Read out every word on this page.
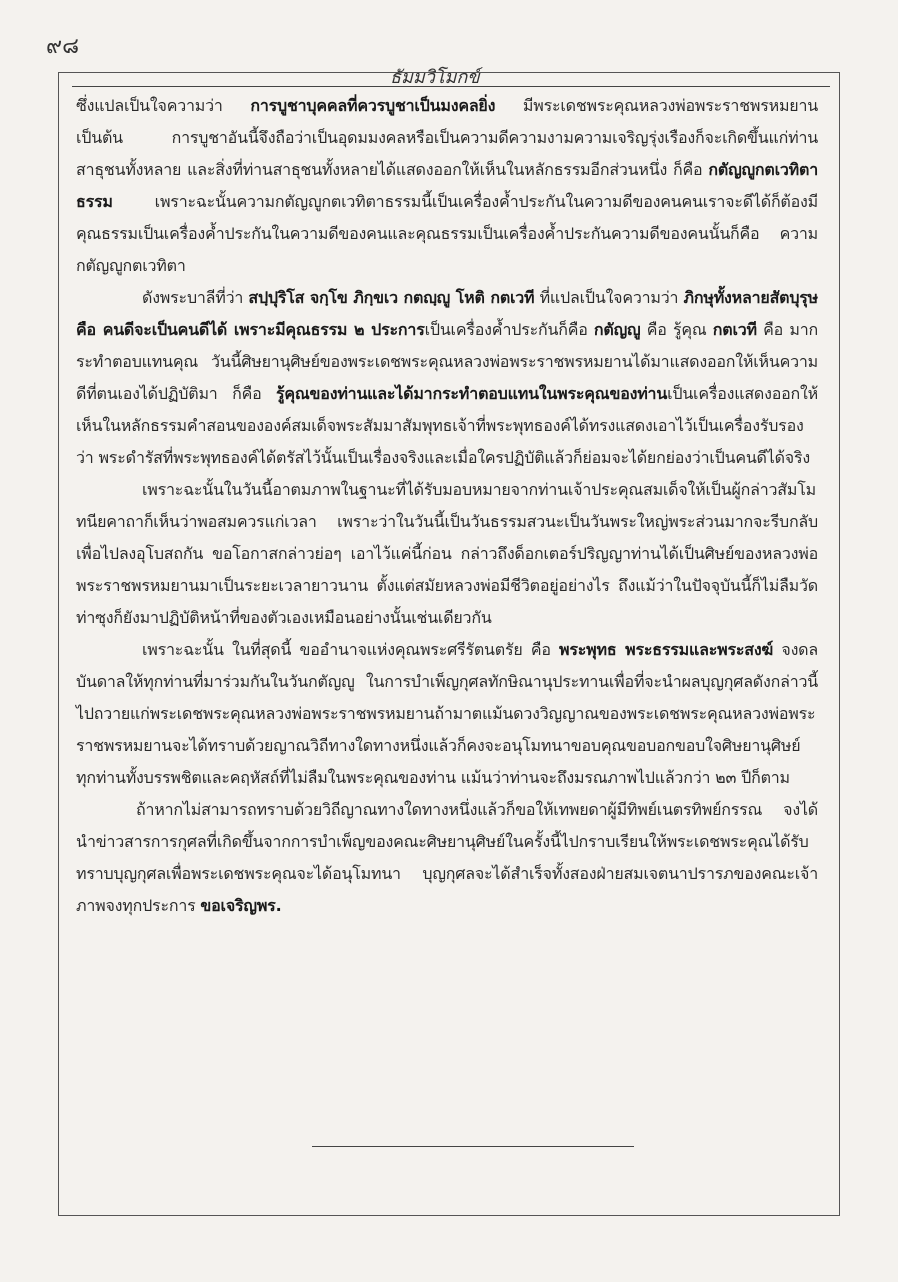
๙๘
ธัมมวิโมกข์

ซึ่งแปลเป็นใจความว่า การบูชาบุคคลที่ควรบูชาเป็นมงคลยิ่ง มีพระเดชพระคุณหลวงพ่อพระราชพรหมยานเป็นต้น การบูชาอันนี้จึงถือว่าเป็นอุดมมงคลหรือเป็นความดีความงามความเจริญรุ่งเรืองก็จะเกิดขึ้นแก่ท่านสาธุชนทั้งหลาย และสิ่งที่ท่านสาธุชนทั้งหลายได้แสดงออกให้เห็นในหลักธรรมอีกส่วนหนึ่ง ก็คือ กตัญญูกตเวทิตาธรรม เพราะฉะนั้นความกตัญญูกตเวทิตาธรรมนี้เป็นเครื่องค้ำประกันในความดีของคนคนเราจะดีได้ก็ต้องมีคุณธรรมเป็นเครื่องค้ำประกันในความดีของคนและคุณธรรมเป็นเครื่องค้ำประกันความดีของคนนั้นก็คือ ความกตัญญูกตเวทิตา

ดังพระบาลีที่ว่า สปฺปุริโส จกฺโข ภิกฺขเว กตญฺญู โหติ กตเวที ที่แปลเป็นใจความว่า ภิกษุทั้งหลายสัตบุรุษ คือ คนดีจะเป็นคนดีได้ เพราะมีคุณธรรม ๒ ประการเป็นเครื่องค้ำประกันก็คือ กตัญญู คือ รู้คุณ กตเวที คือ มากระทำตอบแทนคุณ วันนี้ศิษยานุศิษย์ของพระเดชพระคุณหลวงพ่อพระราชพรหมยานได้มาแสดงออกให้เห็นความดีที่ตนเองได้ปฏิบัติมา ก็คือ รู้คุณของท่านและได้มากระทำตอบแทนในพระคุณของท่านเป็นเครื่องแสดงออกให้เห็นในหลักธรรมคำสอนขององค์สมเด็จพระสัมมาสัมพุทธเจ้าที่พระพุทธองค์ได้ทรงแสดงเอาไว้เป็นเครื่องรับรองว่า พระดำรัสที่พระพุทธองค์ได้ตรัสไว้นั้นเป็นเรื่องจริงและเมื่อใครปฏิบัติแล้วก็ย่อมจะได้ยกย่องว่าเป็นคนดีได้จริง

เพราะฉะนั้นในวันนี้อาตมภาพในฐานะที่ได้รับมอบหมายจากท่านเจ้าประคุณสมเด็จให้เป็นผู้กล่าวสัมโมทนียคาถาก็เห็นว่าพอสมควรแก่เวลา เพราะว่าในวันนี้เป็นวันธรรมสวนะเป็นวันพระใหญ่พระส่วนมากจะรีบกลับ เพื่อไปลงอุโบสถกัน ขอโอกาสกล่าวย่อๆ เอาไว้แค่นี้ก่อน กล่าวถึงด็อกเตอร์ปริญญาท่านได้เป็นศิษย์ของหลวงพ่อพระราชพรหมยานมาเป็นระยะเวลายาวนาน ตั้งแต่สมัยหลวงพ่อมีชีวิตอยู่อย่างไร ถึงแม้ว่าในปัจจุบันนี้ก็ไม่ลืมวัดท่าซุงก็ยังมาปฏิบัติหน้าที่ของตัวเองเหมือนอย่างนั้นเช่นเดียวกัน

เพราะฉะนั้น ในที่สุดนี้ ขออำนาจแห่งคุณพระศรีรัตนตรัย คือ พระพุทธ พระธรรมและพระสงฆ์ จงดลบันดาลให้ทุกท่านที่มาร่วมกันในวันกตัญญู ในการบำเพ็ญกุศลทักษิณานุประทานเพื่อที่จะนำผลบุญกุศลดังกล่าวนี้ไปถวายแก่พระเดชพระคุณหลวงพ่อพระราชพรหมยานถ้ามาตแม้นดวงวิญญาณของพระเดชพระคุณหลวงพ่อพระราชพรหมยานจะได้ทราบด้วยญาณวิถีทางใดทางหนึ่งแล้วก็คงจะอนุโมทนาขอบคุณขอบอกขอบใจศิษยานุศิษย์ทุกท่านทั้งบรรพชิตและคฤหัสถ์ที่ไม่ลืมในพระคุณของท่าน แม้นว่าท่านจะถึงมรณภาพไปแล้วกว่า ๒๓ ปีก็ตาม

ถ้าหากไม่สามารถทราบด้วยวิถีญาณทางใดทางหนึ่งแล้วก็ขอให้เทพยดาผู้มีทิพย์เนตรทิพย์กรรณ จงได้นำข่าวสารการกุศลที่เกิดขึ้นจากการบำเพ็ญของคณะศิษยานุศิษย์ในครั้งนี้ไปกราบเรียนให้พระเดชพระคุณได้รับทราบบุญกุศลเพื่อพระเดชพระคุณจะได้อนุโมทนา บุญกุศลจะได้สำเร็จทั้งสองฝ่ายสมเจตนาปรารภของคณะเจ้าภาพจงทุกประการ ขอเจริญพร.
